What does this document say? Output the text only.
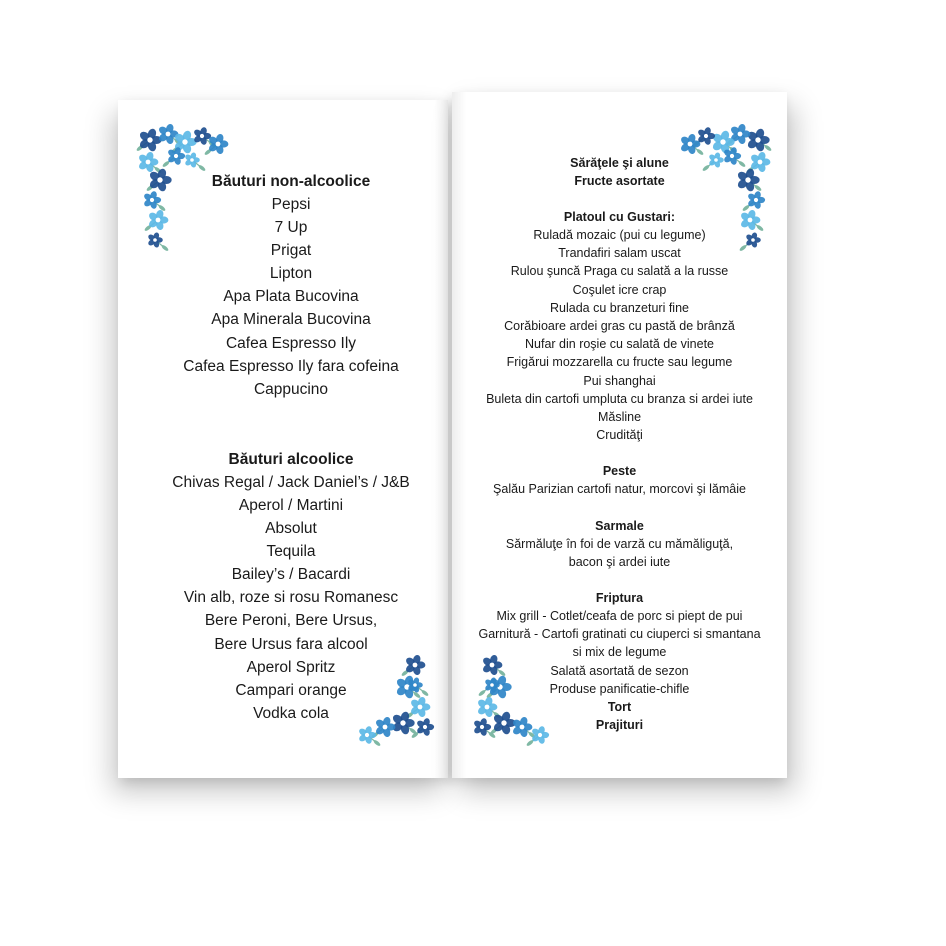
Băuturi non-alcoolice
Pepsi
7 Up
Prigat
Lipton
Apa Plata Bucovina
Apa Minerala Bucovina
Cafea Espresso Ily
Cafea Espresso Ily fara cofeina
Cappucino
Băuturi alcoolice
Chivas Regal / Jack Daniel’s / J&B
Aperol / Martini
Absolut
Tequila
Bailey’s / Bacardi
Vin alb, roze si rosu Romanesc
Bere Peroni, Bere Ursus,
Bere Ursus fara alcool
Aperol Spritz
Campari orange
Vodka cola
Sărăţele şi alune
Fructe asortate
Platoul cu Gustari:
Ruladă mozaic (pui cu legume)
Trandafiri salam uscat
Rulou şuncă Praga cu salată a la russe
Coşulet icre crap
Rulada cu branzeturi fine
Corăbioare ardei gras cu pastă de brânză
Nufar din roşie cu salată de vinete
Frigărui mozzarella cu fructe sau legume
Pui shanghai
Buleta din cartofi umpluta cu branza si ardei iute
Măsline
Crudităţi
Peste
Şalău Parizian cartofi natur, morcovi şi lămâie
Sarmale
Sărmăluţe în foi de varză cu mămăliguţă,
bacon şi ardei iute
Friptura
Mix grill - Cotlet/ceafa de porc si piept de pui
Garnitură - Cartofi gratinati cu ciuperci si smantana
si mix de legume
Salată asortată de sezon
Produse panificatie-chifle
Tort
Prajituri
